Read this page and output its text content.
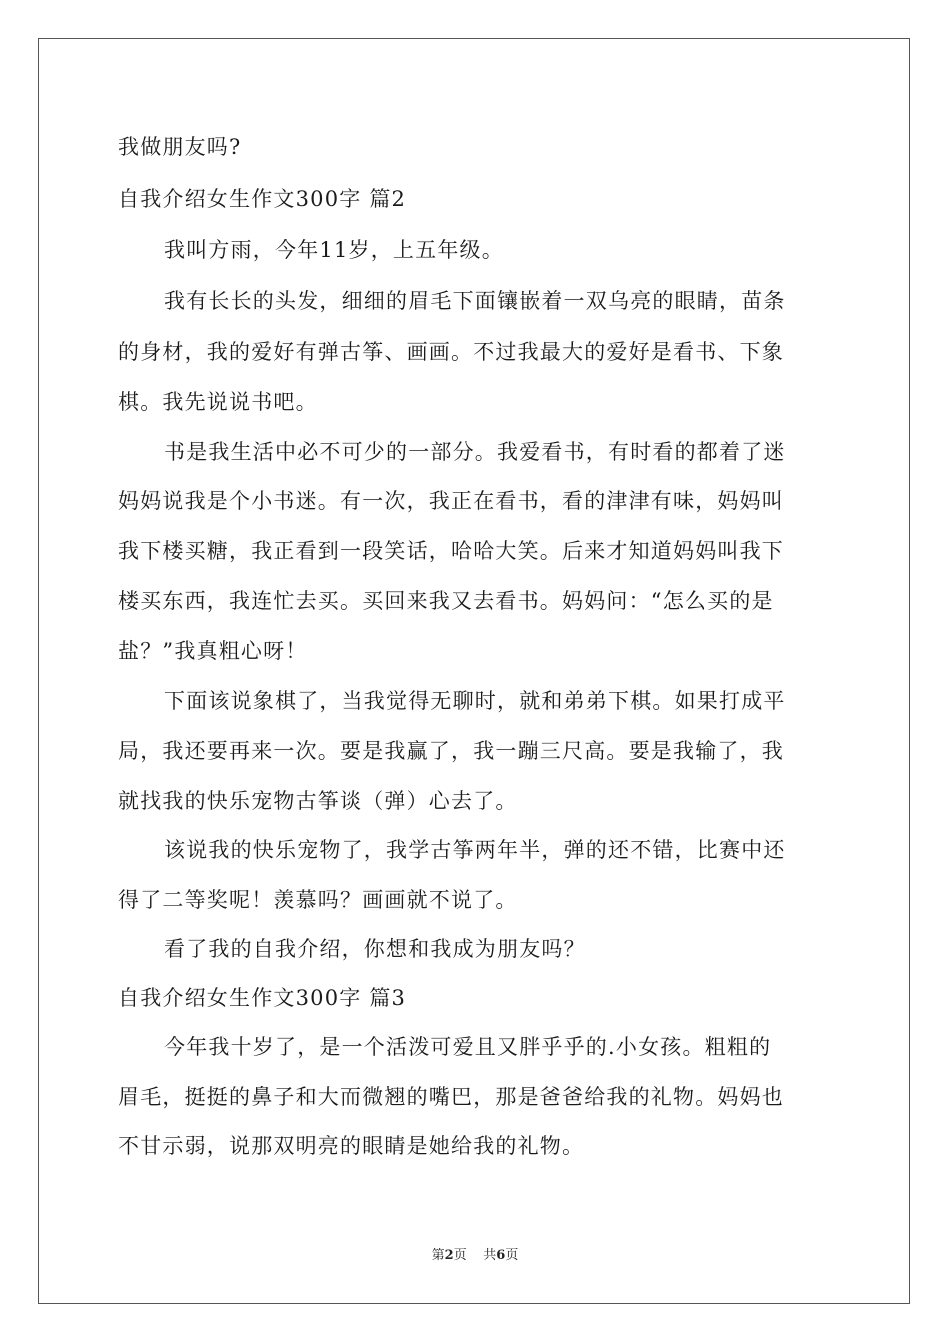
我做朋友吗?
自我介绍女生作文300字 篇2
我叫方雨，今年11岁，上五年级。
我有长长的头发，细细的眉毛下面镶嵌着一双乌亮的眼睛，苗条
的身材，我的爱好有弹古筝、画画。不过我最大的爱好是看书、下象
棋。我先说说书吧。
书是我生活中必不可少的一部分。我爱看书，有时看的都着了迷
妈妈说我是个小书迷。有一次，我正在看书，看的津津有味，妈妈叫
我下楼买糖，我正看到一段笑话，哈哈大笑。后来才知道妈妈叫我下
楼买东西，我连忙去买。买回来我又去看书。妈妈问：“怎么买的是
盐？”我真粗心呀！
下面该说象棋了，当我觉得无聊时，就和弟弟下棋。如果打成平
局，我还要再来一次。要是我赢了，我一蹦三尺高。要是我输了，我
就找我的快乐宠物古筝谈（弹）心去了。
该说我的快乐宠物了，我学古筝两年半，弹的还不错，比赛中还
得了二等奖呢！羡慕吗？画画就不说了。
看了我的自我介绍，你想和我成为朋友吗？
自我介绍女生作文300字 篇3
今年我十岁了，是一个活泼可爱且又胖乎乎的.小女孩。粗粗的
眉毛，挺挺的鼻子和大而微翘的嘴巴，那是爸爸给我的礼物。妈妈也
不甘示弱，说那双明亮的眼睛是她给我的礼物。
第2页 共6页
